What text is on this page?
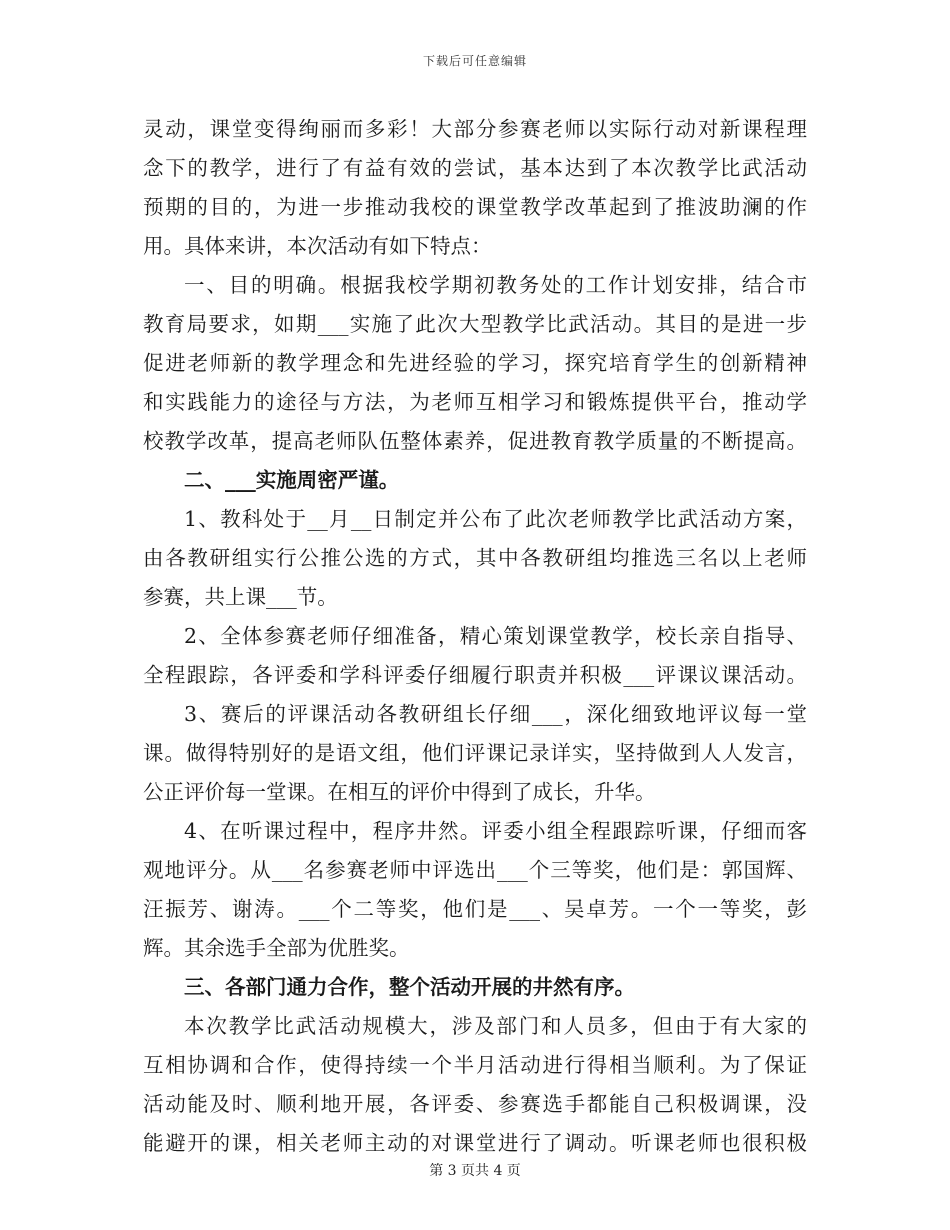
下载后可任意编辑
灵动，课堂变得绚丽而多彩！大部分参赛老师以实际行动对新课程理
念下的教学，进行了有益有效的尝试，基本达到了本次教学比武活动
预期的目的，为进一步推动我校的课堂教学改革起到了推波助澜的作
用。具体来讲，本次活动有如下特点：
一、目的明确。根据我校学期初教务处的工作计划安排，结合市
教育局要求，如期___实施了此次大型教学比武活动。其目的是进一步
促进老师新的教学理念和先进经验的学习，探究培育学生的创新精神
和实践能力的途径与方法，为老师互相学习和锻炼提供平台，推动学
校教学改革，提高老师队伍整体素养，促进教育教学质量的不断提高。
二、___实施周密严谨。
1、教科处于__月__日制定并公布了此次老师教学比武活动方案，
由各教研组实行公推公选的方式，其中各教研组均推选三名以上老师
参赛，共上课___节。
2、全体参赛老师仔细准备，精心策划课堂教学，校长亲自指导、
全程跟踪，各评委和学科评委仔细履行职责并积极___评课议课活动。
3、赛后的评课活动各教研组长仔细___，深化细致地评议每一堂
课。做得特别好的是语文组，他们评课记录详实，坚持做到人人发言，
公正评价每一堂课。在相互的评价中得到了成长，升华。
4、在听课过程中，程序井然。评委小组全程跟踪听课，仔细而客
观地评分。从___名参赛老师中评选出___个三等奖，他们是：郭国辉、
汪振芳、谢涛。___个二等奖，他们是___、吴卓芳。一个一等奖，彭
辉。其余选手全部为优胜奖。
三、各部门通力合作，整个活动开展的井然有序。
本次教学比武活动规模大，涉及部门和人员多，但由于有大家的
互相协调和合作，使得持续一个半月活动进行得相当顺利。为了保证
活动能及时、顺利地开展，各评委、参赛选手都能自己积极调课，没
能避开的课，相关老师主动的对课堂进行了调动。听课老师也很积极
第 3 页共 4 页
